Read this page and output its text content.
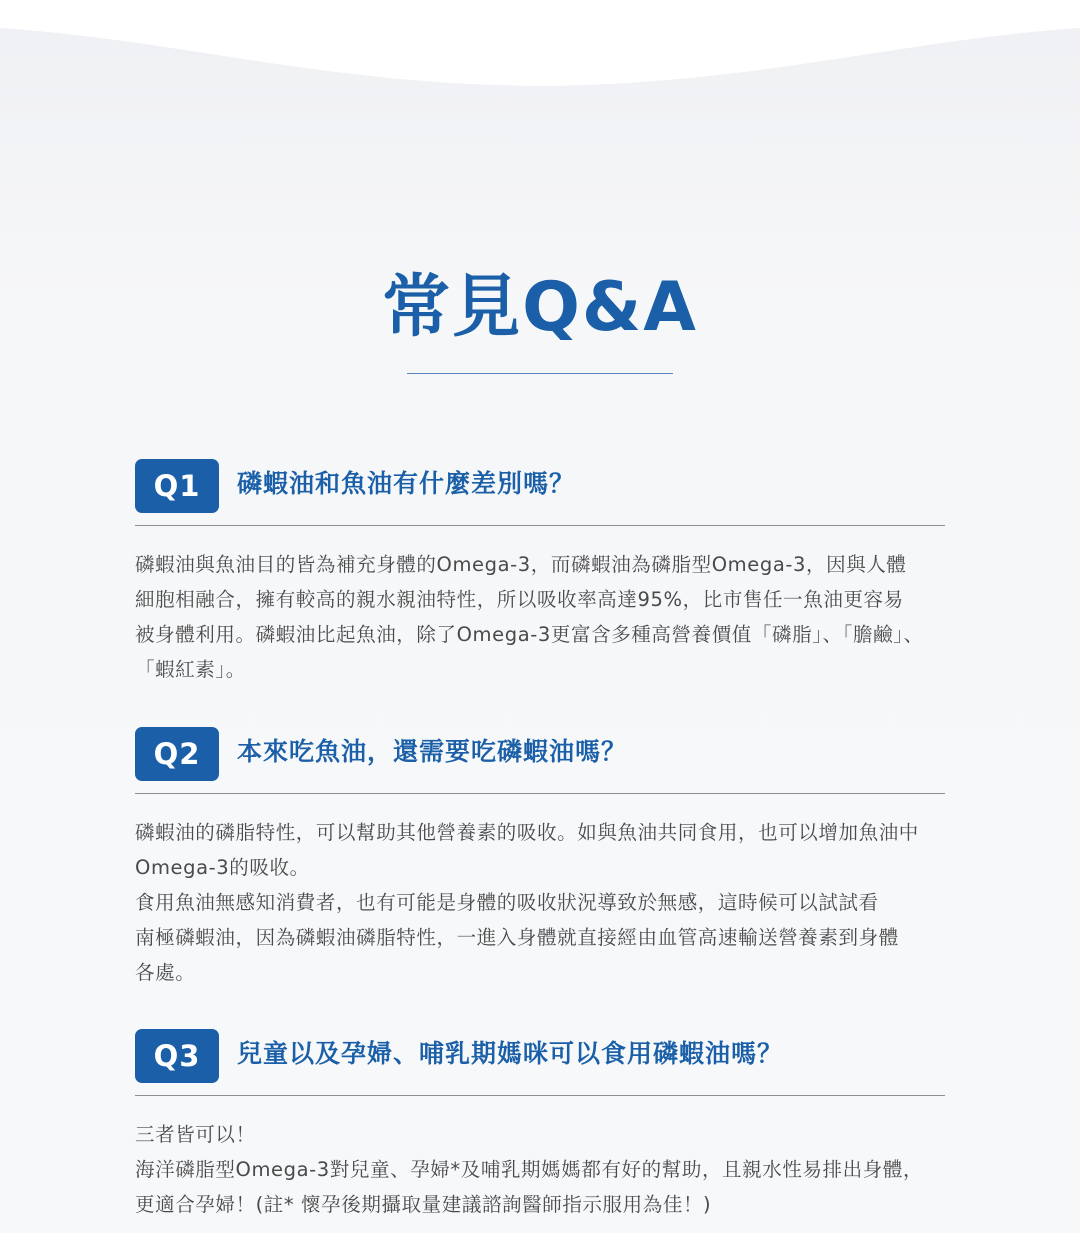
常見Q&A
Q1	磷蝦油和魚油有什麼差別嗎？

磷蝦油與魚油目的皆為補充身體的Omega-3，而磷蝦油為磷脂型Omega-3，因與人體

細胞相融合，擁有較高的親水親油特性，所以吸收率高達95%，比市售任一魚油更容易

被身體利用。磷蝦油比起魚油，除了Omega-3更富含多種高營養價值「磷脂」、「膽鹼」、

「蝦紅素」。

Q2	本來吃魚油，還需要吃磷蝦油嗎？

磷蝦油的磷脂特性，可以幫助其他營養素的吸收。如與魚油共同食用，也可以增加魚油中

Omega-3的吸收。

食用魚油無感知消費者，也有可能是身體的吸收狀況導致於無感，這時候可以試試看

南極磷蝦油，因為磷蝦油磷脂特性，一進入身體就直接經由血管高速輸送營養素到身體

各處。

Q3	兒童以及孕婦、哺乳期媽咪可以食用磷蝦油嗎？

三者皆可以！

海洋磷脂型Omega-3對兒童、孕婦*及哺乳期媽媽都有好的幫助，且親水性易排出身體，

更適合孕婦！(註* 懷孕後期攝取量建議諮詢醫師指示服用為佳！)
